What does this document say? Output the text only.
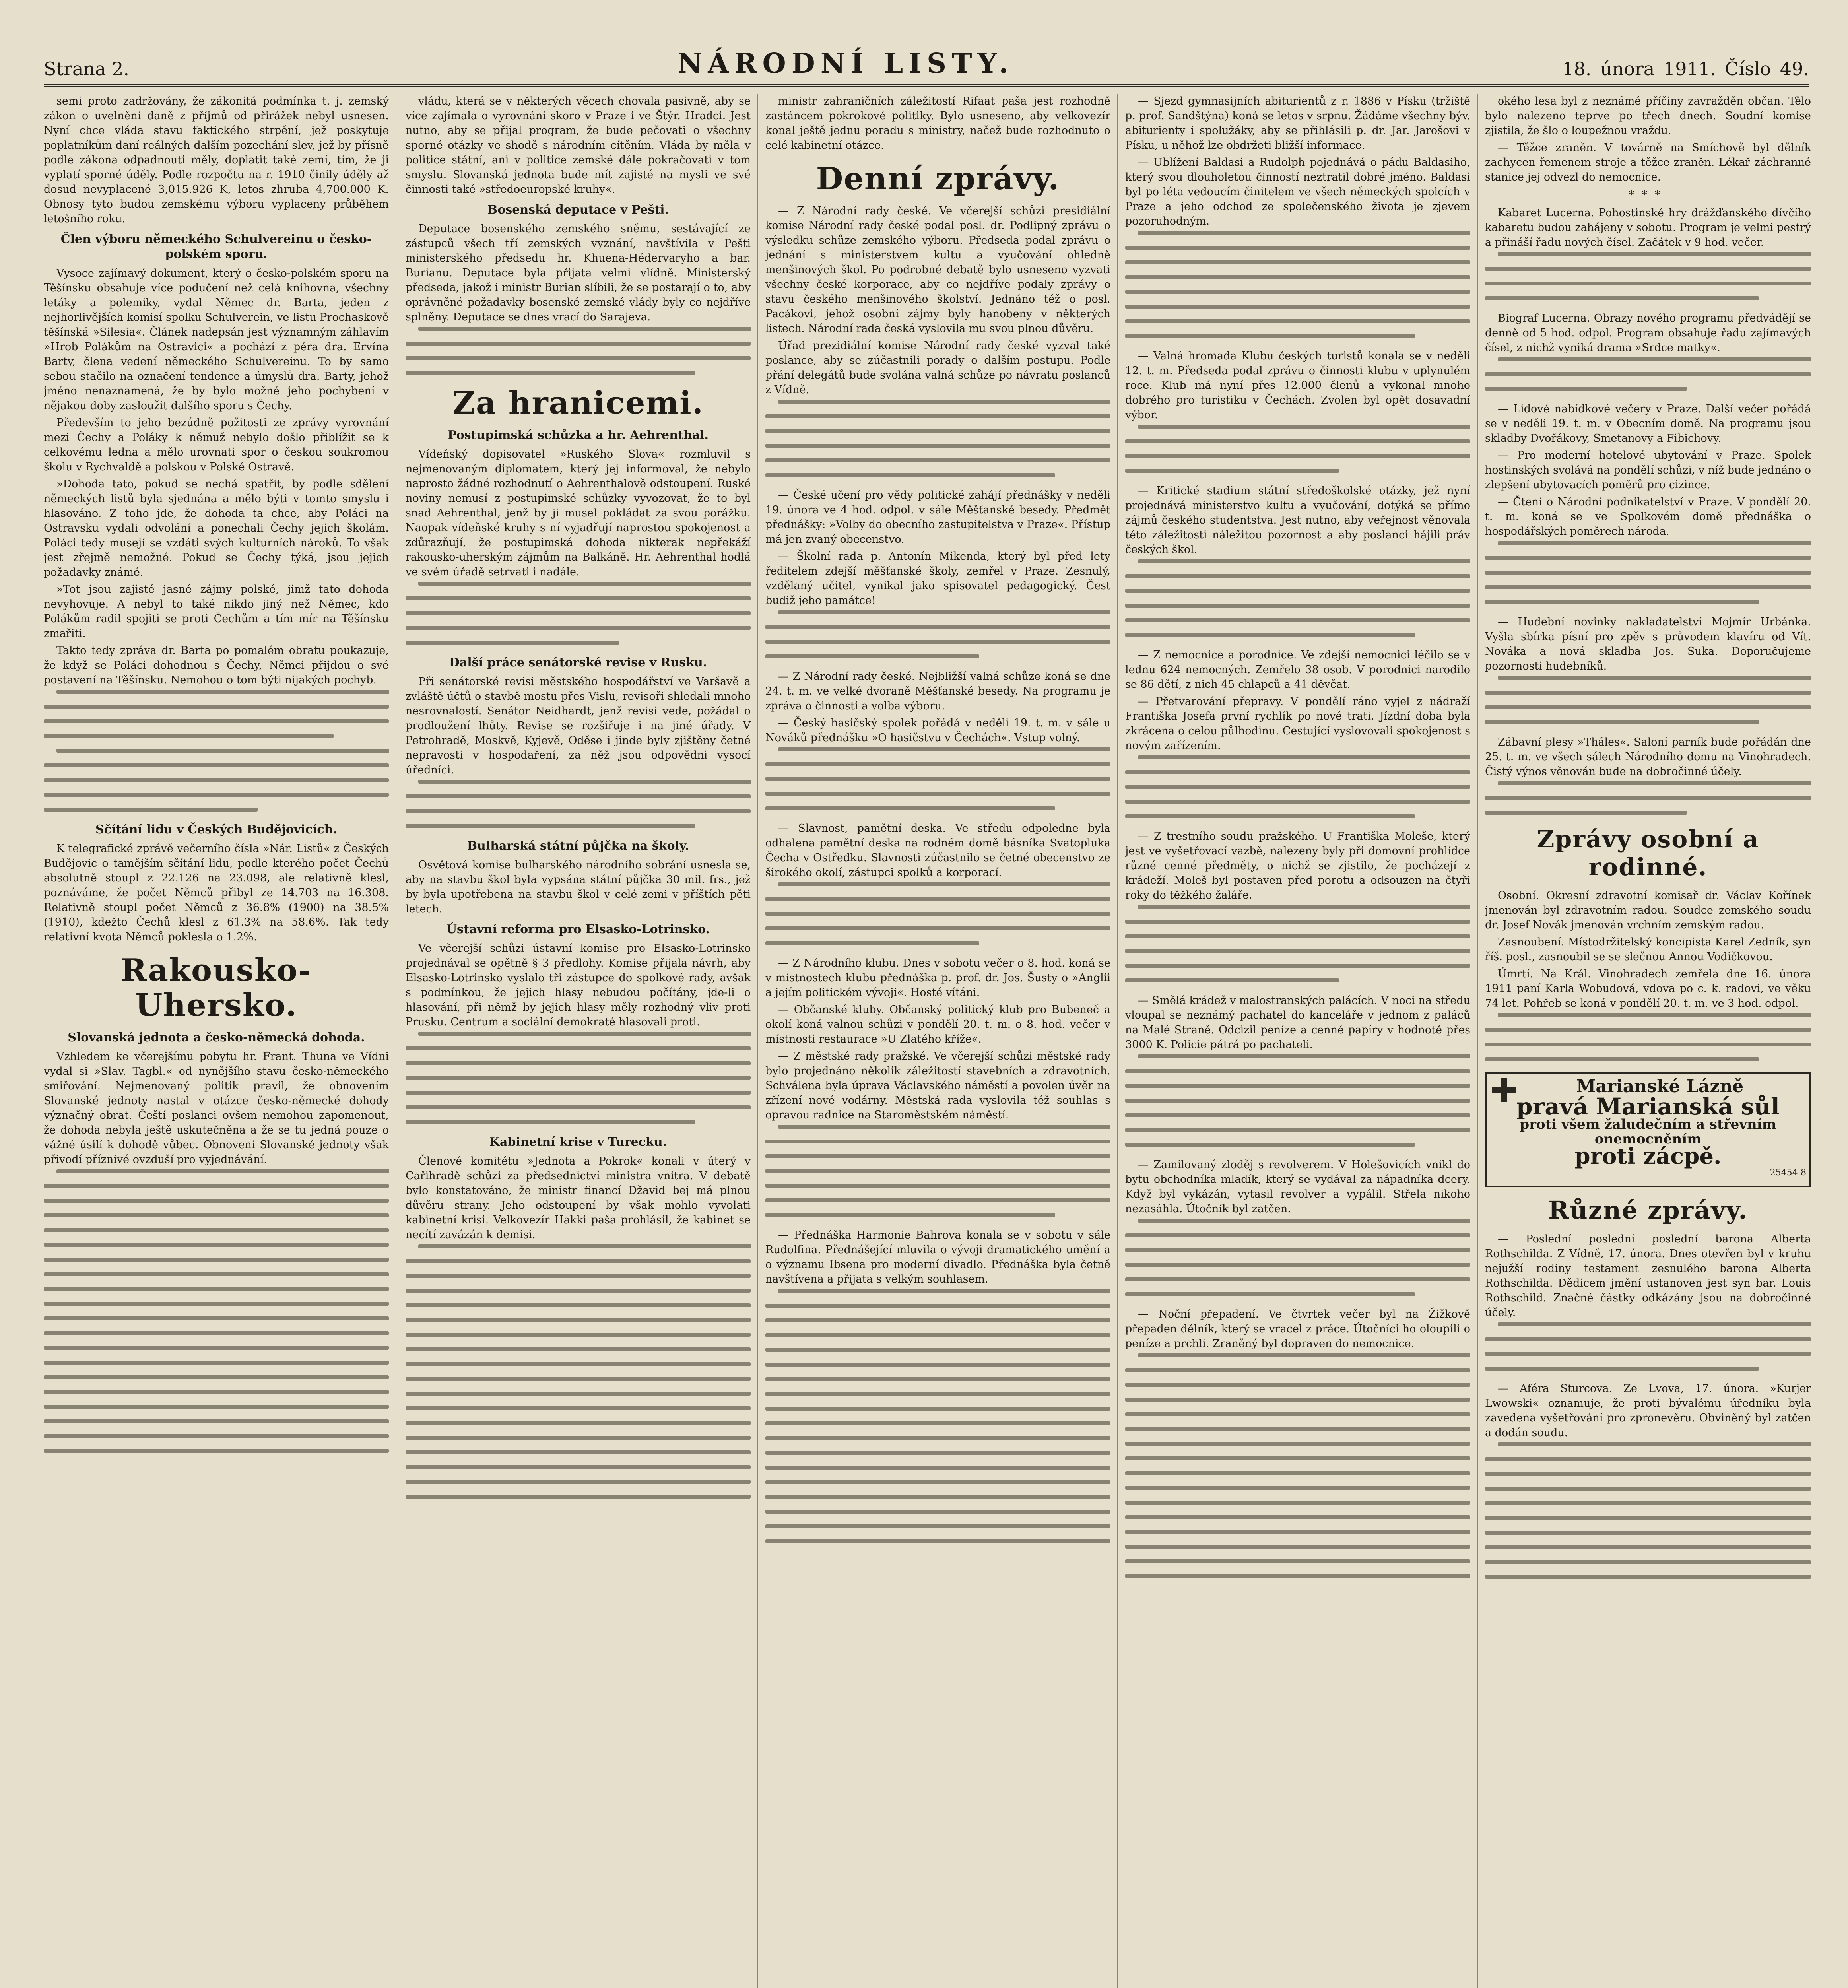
Strana 2.	NÁRODNÍ LISTY.	18. února 1911. Číslo 49.

semi proto zadržovány, že zákonitá podmínka t. j. zemský zákon o uvelnění daně z příjmů od přirážek nebyl usnesen. Nyní chce vláda stavu faktického strpění, jež poskytuje poplatníkům daní reálných dalším pozechání slev, jež by přísně podle zákona odpadnouti měly, doplatit také zemí, tím, že ji vyplatí sporné úděly. Podle rozpočtu na r. 1910 činily úděly až dosud nevyplacené 3,015.926 K, letos zhruba 4,700.000 K. Obnosy tyto budou zemskému výboru vyplaceny průběhem letošního roku.

Člen výboru německého Schulvereinu o česko-polském sporu.

Vysoce zajímavý dokument, který o česko-polském sporu na Těšínsku obsahuje více podučení než celá knihovna, všechny letáky a polemiky, vydal Němec dr. Barta, jeden z nejhorlivějších komisí spolku Schulverein, ve listu Prochaskově těšínská »Silesia«. Článek nadepsán jest významným záhlavím »Hrob Polákům na Ostravici« a pochází z péra dra. Ervína Barty, člena vedení německého Schulvereinu. To by samo sebou stačilo na označení tendence a úmyslů dra. Barty, jehož jméno nenaznamená, že by bylo možné jeho pochybení v nějakou doby zasloužit dalšího sporu s Čechy.

Především to jeho bezúdně požitosti ze zprávy vyrovnání mezi Čechy a Poláky k němuž nebylo došlo přiblížit se k celkovému ledna a mělo urovnati spor o českou soukromou školu v Rychvaldě a polskou v Polské Ostravě.

»Dohoda tato, pokud se nechá spatřit, by podle sdělení německých listů byla sjednána a mělo býti v tomto smyslu i hlasováno. Z toho jde, že dohoda ta chce, aby Poláci na Ostravsku vydali odvolání a ponechali Čechy jejich školám. Poláci tedy musejí se vzdáti svých kulturních nároků. To však jest zřejmě nemožné. Pokud se Čechy týká, jsou jejich požadavky známé.

»Tot jsou zajisté jasné zájmy polské, jimž tato dohoda nevyhovuje. A nebyl to také nikdo jiný než Němec, kdo Polákům radil spojiti se proti Čechům a tím mír na Těšínsku zmařiti.

Takto tedy zpráva dr. Barta po pomalém obratu poukazuje, že když se Poláci dohodnou s Čechy, Němci přijdou o své postavení na Těšínsku. Nemohou o tom býti nijakých pochyb.

Sčítání lidu v Českých Budějovicích.

K telegrafické zprávě večerního čísla »Nár. Listů« z Českých Budějovic o tamějším sčítání lidu, podle kterého počet Čechů absolutně stoupl z 22.126 na 23.098, ale relativně klesl, poznáváme, že počet Němců přibyl ze 14.703 na 16.308. Relativně stoupl počet Němců z 36.8% (1900) na 38.5% (1910), kdežto Čechů klesl z 61.3% na 58.6%. Tak tedy relativní kvota Němců poklesla o 1.2%.

Rakousko-Uhersko.
Slovanská jednota a česko-německá dohoda.

Vzhledem ke včerejšímu pobytu hr. Frant. Thuna ve Vídni vydal si »Slav. Tagbl.« od nynějšího stavu česko-německého smiřování. Nejmenovaný politik pravil, že obnovením Slovanské jednoty nastal v otázce česko-německé dohody význačný obrat. Čeští poslanci ovšem nemohou zapomenout, že dohoda nebyla ještě uskutečněna a že se tu jedná pouze o vážné úsilí k dohodě vůbec. Obnovení Slovanské jednoty však přivodí příznivé ovzduší pro vyjednávání.

vládu, která se v některých věcech chovala pasivně, aby se více zajímala o vyrovnání skoro v Praze i ve Štýr. Hradci. Jest nutno, aby se přijal program, že bude pečovati o všechny sporné otázky ve shodě s národním cítěním. Vláda by měla v politice státní, ani v politice zemské dále pokračovati v tom smyslu. Slovanská jednota bude mít zajisté na mysli ve své činnosti také »středoeuropské kruhy«.

Bosenská deputace v Pešti.

Deputace bosenského zemského sněmu, sestávající ze zástupců všech tří zemských vyznání, navštívila v Pešti ministerského předsedu hr. Khuena-Hédervaryho a bar. Burianu. Deputace byla přijata velmi vlídně. Ministerský předseda, jakož i ministr Burian slíbili, že se postarají o to, aby oprávněné požadavky bosenské zemské vlády byly co nejdříve splněny. Deputace se dnes vrací do Sarajeva.

Za hranicemi.
Postupimská schůzka a hr. Aehrenthal.

Vídeňský dopisovatel »Ruského Slova« rozmluvil s nejmenovaným diplomatem, který jej informoval, že nebylo naprosto žádné rozhodnutí o Aehrenthalově odstoupení. Ruské noviny nemusí z postupimské schůzky vyvozovat, že to byl snad Aehrenthal, jenž by ji musel pokládat za svou porážku. Naopak vídeňské kruhy s ní vyjadřují naprostou spokojenost a zdůrazňují, že postupimská dohoda nikterak nepřekáží rakousko-uherským zájmům na Balkáně. Hr. Aehrenthal hodlá ve svém úřadě setrvati i nadále.

Další práce senátorské revise v Rusku.

Při senátorské revisi městského hospodářství ve Varšavě a zvláště účtů o stavbě mostu přes Vislu, revisoři shledali mnoho nesrovnalostí. Senátor Neidhardt, jenž revisi vede, požádal o prodloužení lhůty. Revise se rozšiřuje i na jiné úřady. V Petrohradě, Moskvě, Kyjevě, Oděse i jinde byly zjištěny četné nepravosti v hospodaření, za něž jsou odpovědni vysocí úředníci.

Bulharská státní půjčka na školy.

Osvětová komise bulharského národního sobrání usnesla se, aby na stavbu škol byla vypsána státní půjčka 30 mil. frs., jež by byla upotřebena na stavbu škol v celé zemi v příštích pěti letech.

Ústavní reforma pro Elsasko-Lotrinsko.

Ve včerejší schůzi ústavní komise pro Elsasko-Lotrinsko projednával se opětně § 3 předlohy. Komise přijala návrh, aby Elsasko-Lotrinsko vyslalo tři zástupce do spolkové rady, avšak s podmínkou, že jejich hlasy nebudou počítány, jde-li o hlasování, při němž by jejich hlasy měly rozhodný vliv proti Prusku. Centrum a sociální demokraté hlasovali proti.

Kabinetní krise v Turecku.

Členové komitétu »Jednota a Pokrok« konali v úterý v Cařihradě schůzi za předsednictví ministra vnitra. V debatě bylo konstatováno, že ministr financí Džavid bej má plnou důvěru strany. Jeho odstoupení by však mohlo vyvolati kabinetní krisi. Velkovezír Hakki paša prohlásil, že kabinet se necítí zavázán k demisi.

ministr zahraničních záležitostí Rifaat paša jest rozhodně zastáncem pokrokové politiky. Bylo usneseno, aby velkovezír konal ještě jednu poradu s ministry, načež bude rozhodnuto o celé kabinetní otázce.

Denní zprávy.

— Z Národní rady české. Ve včerejší schůzi presidiální komise Národní rady české podal posl. dr. Podlipný zprávu o výsledku schůze zemského výboru. Předseda podal zprávu o jednání s ministerstvem kultu a vyučování ohledně menšinových škol. Po podrobné debatě bylo usneseno vyzvati všechny české korporace, aby co nejdříve podaly zprávy o stavu českého menšinového školství. Jednáno též o posl. Pacákovi, jehož osobní zájmy byly hanobeny v některých listech. Národní rada česká vyslovila mu svou plnou důvěru.

Úřad prezidiální komise Národní rady české vyzval také poslance, aby se zúčastnili porady o dalším postupu. Podle přání delegátů bude svolána valná schůze po návratu poslanců z Vídně.

— České učení pro vědy politické zahájí přednášky v neděli 19. února ve 4 hod. odpol. v sále Měšťanské besedy. Předmět přednášky: »Volby do obecního zastupitelstva v Praze«. Přístup má jen zvaný obecenstvo.

— Školní rada p. Antonín Mikenda, který byl před lety ředitelem zdejší měšťanské školy, zemřel v Praze. Zesnulý, vzdělaný učitel, vynikal jako spisovatel pedagogický. Čest budiž jeho památce!

— Z Národní rady české. Nejbližší valná schůze koná se dne 24. t. m. ve velké dvoraně Měšťanské besedy. Na programu je zpráva o činnosti a volba výboru.

— Český hasičský spolek pořádá v neděli 19. t. m. v sále u Nováků přednášku »O hasičstvu v Čechách«. Vstup volný.

— Slavnost, pamětní deska. Ve středu odpoledne byla odhalena pamětní deska na rodném domě básníka Svatopluka Čecha v Ostředku. Slavnosti zúčastnilo se četné obecenstvo ze širokého okolí, zástupci spolků a korporací.

— Z Národního klubu. Dnes v sobotu večer o 8. hod. koná se v místnostech klubu přednáška p. prof. dr. Jos. Šusty o »Anglii a jejím politickém vývoji«. Hosté vítáni.

— Občanské kluby. Občanský politický klub pro Bubeneč a okolí koná valnou schůzi v pondělí 20. t. m. o 8. hod. večer v místnosti restaurace »U Zlatého kříže«.

— Z městské rady pražské. Ve včerejší schůzi městské rady bylo projednáno několik záležitostí stavebních a zdravotních. Schválena byla úprava Václavského náměstí a povolen úvěr na zřízení nové vodárny. Městská rada vyslovila též souhlas s opravou radnice na Staroměstském náměstí.

— Přednáška Harmonie Bahrova konala se v sobotu v sále Rudolfina. Přednášející mluvila o vývoji dramatického umění a o významu Ibsena pro moderní divadlo. Přednáška byla četně navštívena a přijata s velkým souhlasem.

— Sjezd gymnasijních abiturientů z r. 1886 v Písku (tržiště p. prof. Sandštýna) koná se letos v srpnu. Žádáme všechny býv. abiturienty i spolužáky, aby se přihlásili p. dr. Jar. Jarošovi v Písku, u něhož lze obdržeti bližší informace.

— Ublížení Baldasi a Rudolph pojednává o pádu Baldasiho, který svou dlouholetou činností neztratil dobré jméno. Baldasi byl po léta vedoucím činitelem ve všech německých spolcích v Praze a jeho odchod ze společenského života je zjevem pozoruhodným.

— Valná hromada Klubu českých turistů konala se v neděli 12. t. m. Předseda podal zprávu o činnosti klubu v uplynulém roce. Klub má nyní přes 12.000 členů a vykonal mnoho dobrého pro turistiku v Čechách. Zvolen byl opět dosavadní výbor.

— Kritické stadium státní středoškolské otázky, jež nyní projednává ministerstvo kultu a vyučování, dotýká se přímo zájmů českého studentstva. Jest nutno, aby veřejnost věnovala této záležitosti náležitou pozornost a aby poslanci hájili práv českých škol.

— Z nemocnice a porodnice. Ve zdejší nemocnici léčilo se v lednu 624 nemocných. Zemřelo 38 osob. V porodnici narodilo se 86 dětí, z nich 45 chlapců a 41 děvčat.

— Přetvarování přepravy. V pondělí ráno vyjel z nádraží Františka Josefa první rychlík po nové trati. Jízdní doba byla zkrácena o celou půlhodinu. Cestující vyslovovali spokojenost s novým zařízením.

— Z trestního soudu pražského. U Františka Moleše, který jest ve vyšetřovací vazbě, nalezeny byly při domovní prohlídce různé cenné předměty, o nichž se zjistilo, že pocházejí z krádeží. Moleš byl postaven před porotu a odsouzen na čtyři roky do těžkého žaláře.

— Smělá krádež v malostranských palácích. V noci na středu vloupal se neznámý pachatel do kanceláře v jednom z paláců na Malé Straně. Odcizil peníze a cenné papíry v hodnotě přes 3000 K. Policie pátrá po pachateli.

— Zamilovaný zloděj s revolverem. V Holešovicích vnikl do bytu obchodníka mladík, který se vydával za nápadníka dcery. Když byl vykázán, vytasil revolver a vypálil. Střela nikoho nezasáhla. Útočník byl zatčen.

— Noční přepadení. Ve čtvrtek večer byl na Žižkově přepaden dělník, který se vracel z práce. Útočníci ho oloupili o peníze a prchli. Zraněný byl dopraven do nemocnice.

okého lesa byl z neznámé příčiny zavražděn občan. Tělo bylo nalezeno teprve po třech dnech. Soudní komise zjistila, že šlo o loupežnou vraždu.

— Těžce zraněn. V továrně na Smíchově byl dělník zachycen řemenem stroje a těžce zraněn. Lékař záchranné stanice jej odvezl do nemocnice.

***

Kabaret Lucerna. Pohostinské hry drážďanského dívčího kabaretu budou zahájeny v sobotu. Program je velmi pestrý a přináší řadu nových čísel. Začátek v 9 hod. večer.

Biograf Lucerna. Obrazy nového programu předvádějí se denně od 5 hod. odpol. Program obsahuje řadu zajímavých čísel, z nichž vyniká drama »Srdce matky«.

— Lidové nabídkové večery v Praze. Další večer pořádá se v neděli 19. t. m. v Obecním domě. Na programu jsou skladby Dvořákovy, Smetanovy a Fibichovy.

— Pro moderní hotelové ubytování v Praze. Spolek hostinských svolává na pondělí schůzi, v níž bude jednáno o zlepšení ubytovacích poměrů pro cizince.

— Čtení o Národní podnikatelství v Praze. V pondělí 20. t. m. koná se ve Spolkovém domě přednáška o hospodářských poměrech národa.

— Hudební novinky nakladatelství Mojmír Urbánka. Vyšla sbírka písní pro zpěv s průvodem klavíru od Vít. Nováka a nová skladba Jos. Suka. Doporučujeme pozornosti hudebníků.

Zábavní plesy »Tháles«. Saloní parník bude pořádán dne 25. t. m. ve všech sálech Národního domu na Vinohradech. Čistý výnos věnován bude na dobročinné účely.

Zprávy osobní a rodinné.

Osobní. Okresní zdravotní komisař dr. Václav Kořínek jmenován byl zdravotním radou. Soudce zemského soudu dr. Josef Novák jmenován vrchním zemským radou.

Zasnoubení. Místodržitelský koncipista Karel Zedník, syn říš. posl., zasnoubil se se slečnou Annou Vodičkovou.

Úmrtí. Na Král. Vinohradech zemřela dne 16. února 1911 paní Karla Wobudová, vdova po c. k. radovi, ve věku 74 let. Pohřeb se koná v pondělí 20. t. m. ve 3 hod. odpol.

Marianské Lázně
pravá Marianská sůl
proti všem žaludečním a střevním onemocněním
proti zácpě.
25454-8
Různé zprávy.

— Poslední poslední poslední barona Alberta Rothschilda. Z Vídně, 17. února. Dnes otevřen byl v kruhu nejužší rodiny testament zesnulého barona Alberta Rothschilda. Dědicem jmění ustanoven jest syn bar. Louis Rothschild. Značné částky odkázány jsou na dobročinné účely.

— Aféra Sturcova. Ze Lvova, 17. února. »Kurjer Lwowski« oznamuje, že proti bývalému úředníku byla zavedena vyšetřování pro zpronevěru. Obviněný byl zatčen a dodán soudu.
